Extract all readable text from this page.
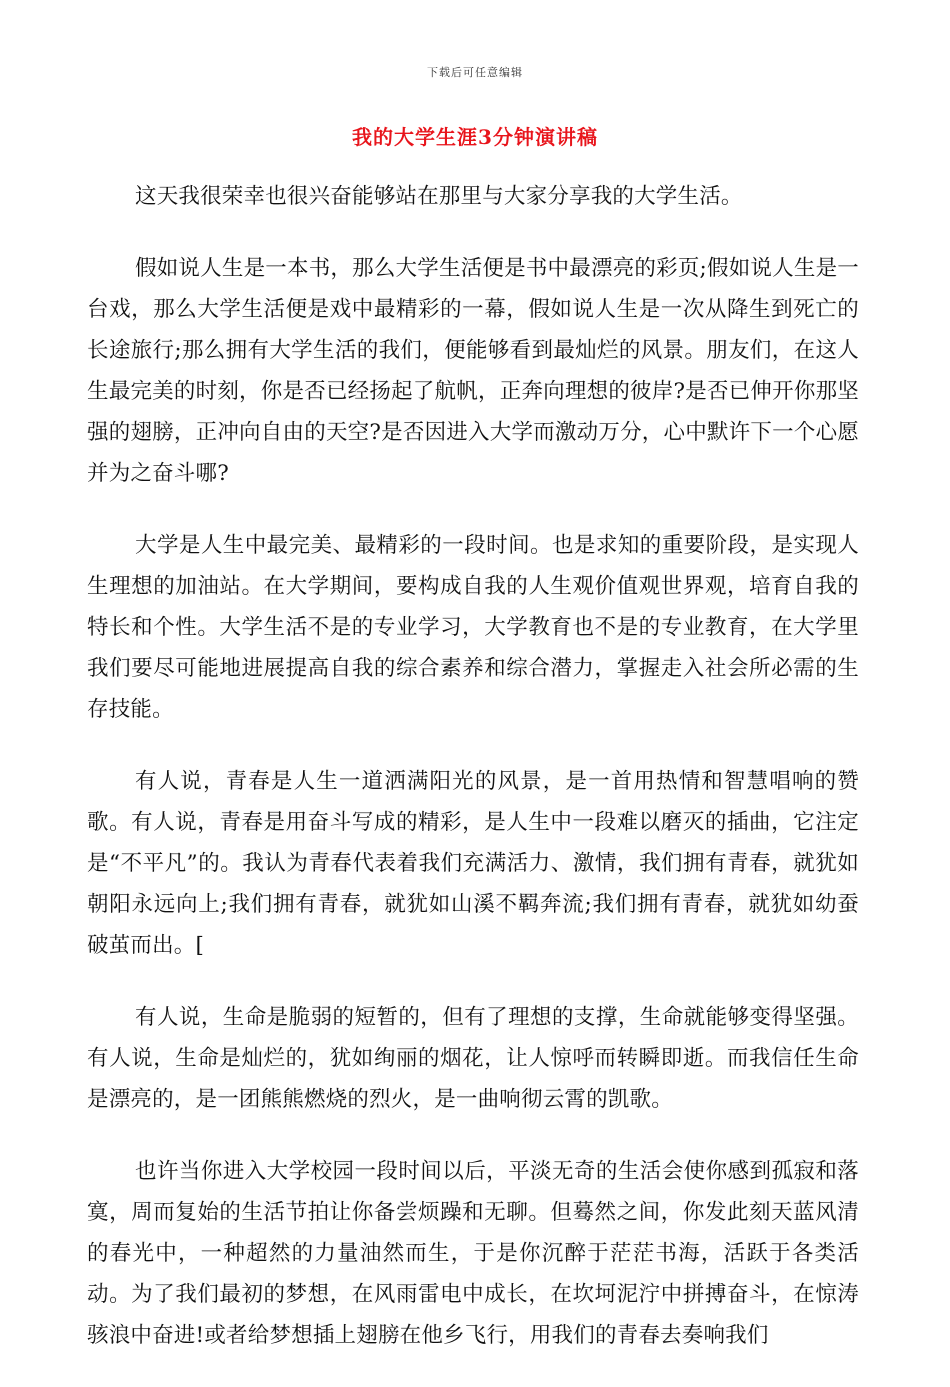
下载后可任意编辑
我的大学生涯3分钟演讲稿

这天我很荣幸也很兴奋能够站在那里与大家分享我的大学生活。

假如说人生是一本书，那么大学生活便是书中最漂亮的彩页;假如说人生是一台戏，那么大学生活便是戏中最精彩的一幕，假如说人生是一次从降生到死亡的长途旅行;那么拥有大学生活的我们，便能够看到最灿烂的风景。朋友们，在这人生最完美的时刻，你是否已经扬起了航帆，正奔向理想的彼岸?是否已伸开你那坚强的翅膀，正冲向自由的天空?是否因进入大学而激动万分，心中默许下一个心愿并为之奋斗哪?

大学是人生中最完美、最精彩的一段时间。也是求知的重要阶段，是实现人生理想的加油站。在大学期间，要构成自我的人生观价值观世界观，培育自我的特长和个性。大学生活不是的专业学习，大学教育也不是的专业教育，在大学里我们要尽可能地进展提高自我的综合素养和综合潜力，掌握走入社会所必需的生存技能。

有人说，青春是人生一道洒满阳光的风景，是一首用热情和智慧唱响的赞歌。有人说，青春是用奋斗写成的精彩，是人生中一段难以磨灭的插曲，它注定是“不平凡”的。我认为青春代表着我们充满活力、激情，我们拥有青春，就犹如朝阳永远向上;我们拥有青春，就犹如山溪不羁奔流;我们拥有青春，就犹如幼蚕破茧而出。[

有人说，生命是脆弱的短暂的，但有了理想的支撑，生命就能够变得坚强。有人说，生命是灿烂的，犹如绚丽的烟花，让人惊呼而转瞬即逝。而我信任生命是漂亮的，是一团熊熊燃烧的烈火，是一曲响彻云霄的凯歌。

也许当你进入大学校园一段时间以后，平淡无奇的生活会使你感到孤寂和落寞，周而复始的生活节拍让你备尝烦躁和无聊。但蓦然之间，你发此刻天蓝风清的春光中，一种超然的力量油然而生，于是你沉醉于茫茫书海，活跃于各类活动。为了我们最初的梦想，在风雨雷电中成长，在坎坷泥泞中拼搏奋斗，在惊涛骇浪中奋进!或者给梦想插上翅膀在他乡飞行，用我们的青春去奏响我们
